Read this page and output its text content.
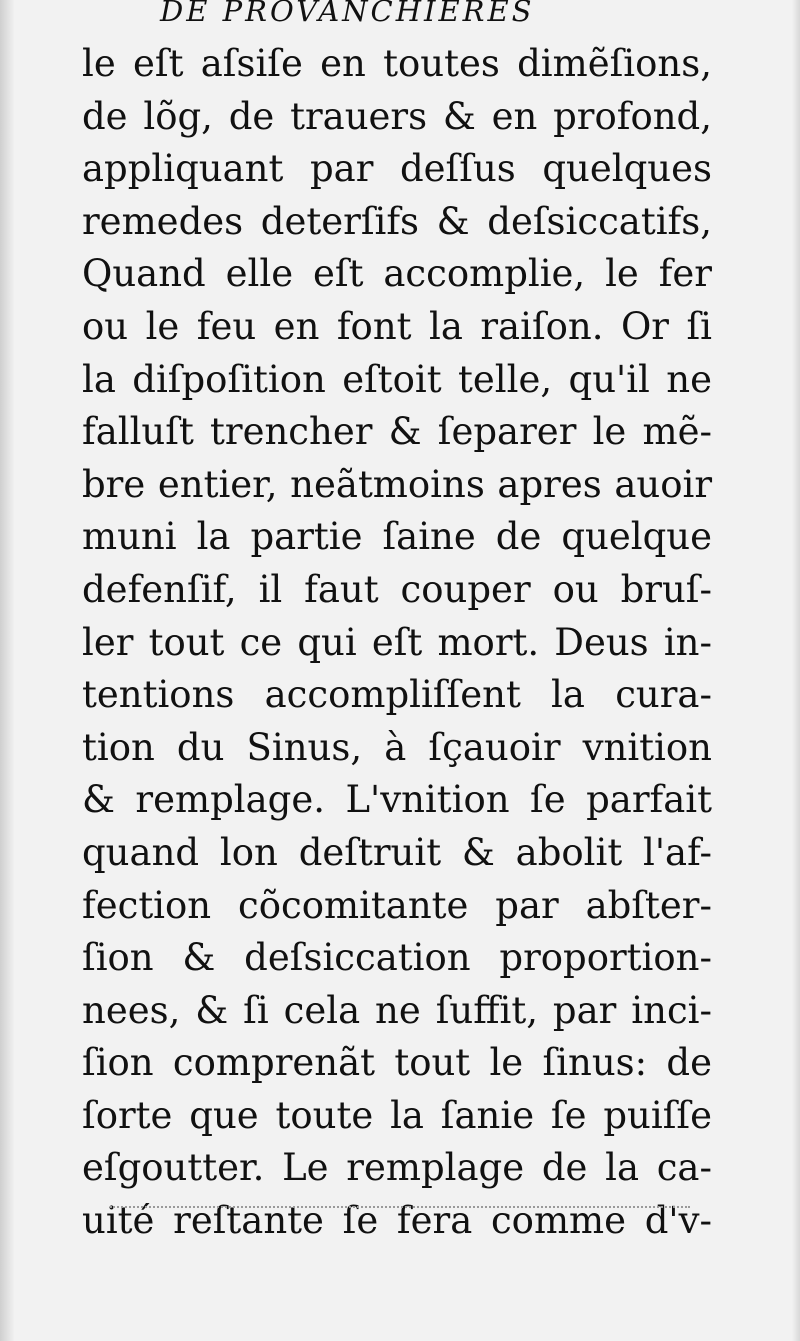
DE PROVANCHIERES
le eſt aſsiſe en toutes dimẽſions,
de lõg, de trauers & en profond,
appliquant par deſſus quelques
remedes deterſifs & deſsiccatifs,
Quand elle eſt accomplie, le fer
ou le feu en font la raiſon. Or ſi
la diſpoſition eſtoit telle, qu'il ne
falluſt trencher & ſeparer le mẽ-
bre entier, neãtmoins apres auoir
muni la partie ſaine de quelque
defenſif, il faut couper ou bruſ-
ler tout ce qui eſt mort. Deus in-
tentions accompliſſent la cura-
tion du Sinus, à ſçauoir vnition
& remplage. L'vnition ſe parfait
quand lon deſtruit & abolit l'af-
fection cõcomitante par abſter-
ſion & deſsiccation proportion-
nees, & ſi cela ne ſuffit, par inci-
ſion comprenãt tout le ſinus: de
ſorte que toute la ſanie ſe puiſſe
eſgoutter. Le remplage de la ca-
uité reſtante ſe fera comme d'v-
